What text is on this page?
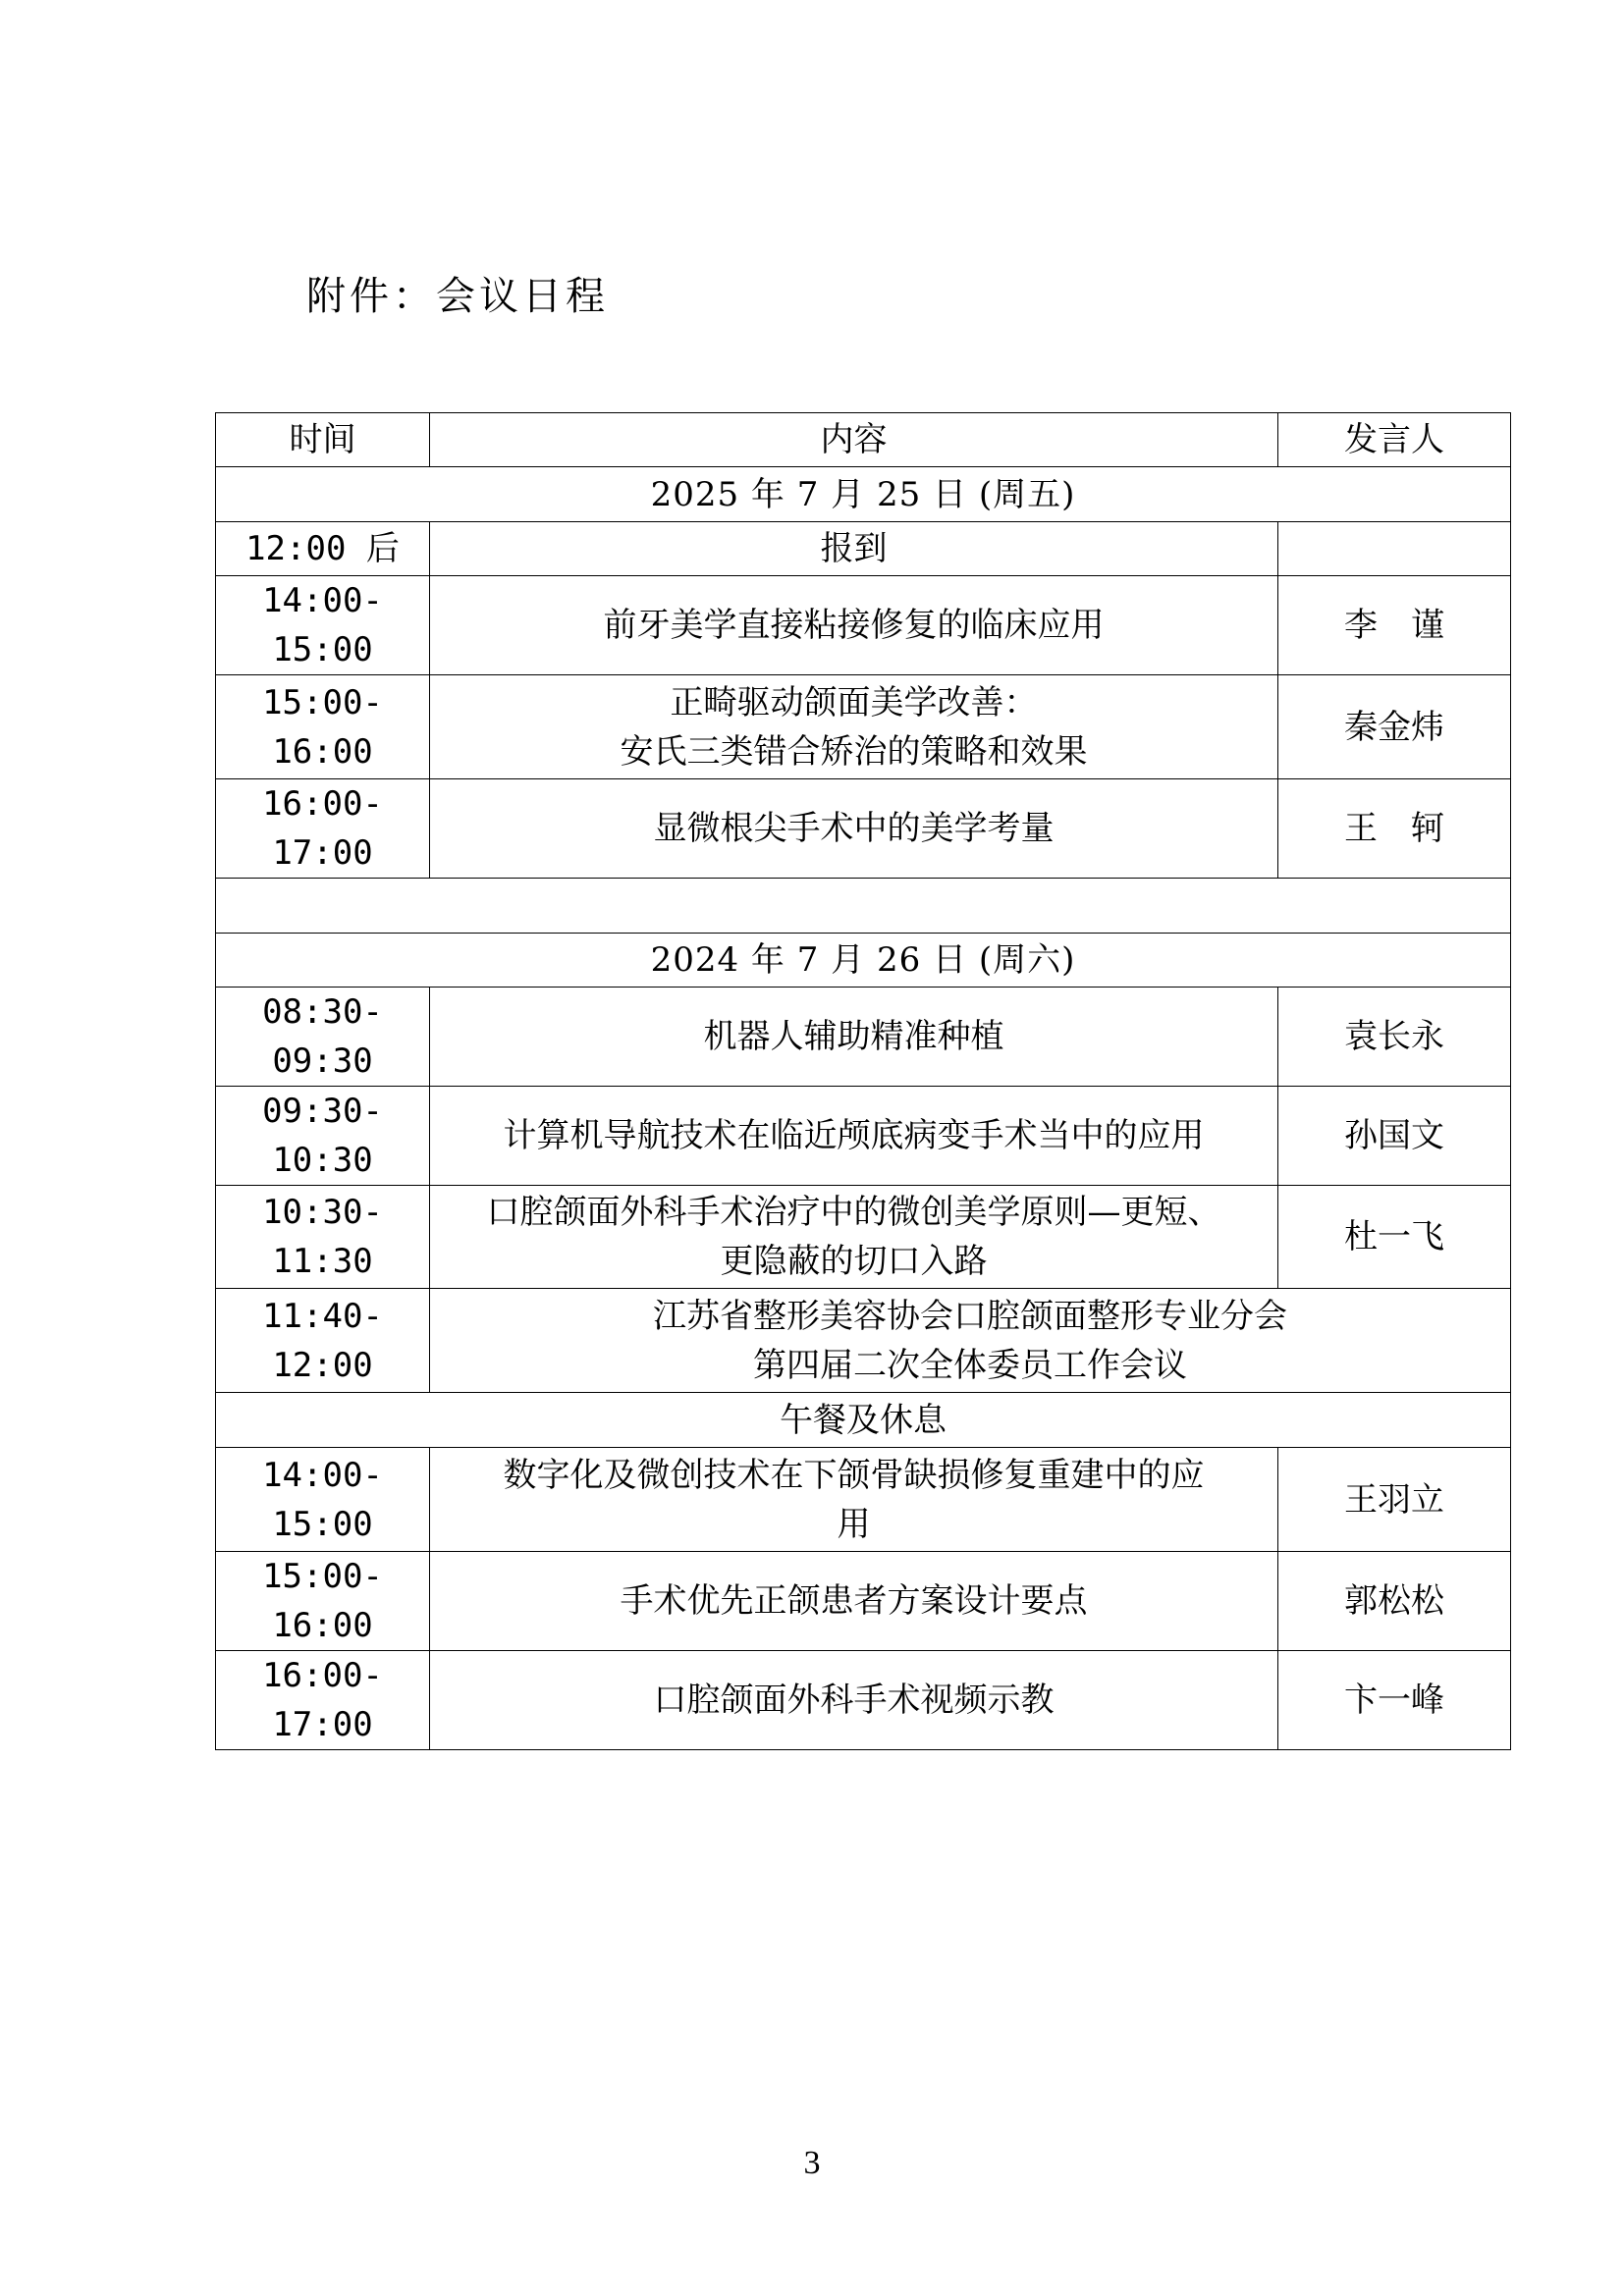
附件：会议日程
时间	内容	发言人
2025 年 7 月 25 日 (周五)		
12:00 后	报到	
14:00-15:00	前牙美学直接粘接修复的临床应用	李　谨
15:00-16:00	正畸驱动颌面美学改善：
安氏三类错合矫治的策略和效果	秦金炜
16:00-17:00	显微根尖手术中的美学考量	王　轲

2024 年 7 月 26 日 (周六)		
08:30-09:30	机器人辅助精准种植	袁长永
09:30-10:30	计算机导航技术在临近颅底病变手术当中的应用	孙国文
10:30-11:30	口腔颌面外科手术治疗中的微创美学原则—更短、
更隐蔽的切口入路	杜一飞
11:40-12:00	江苏省整形美容协会口腔颌面整形专业分会
第四届二次全体委员工作会议	
午餐及休息		
14:00-15:00	数字化及微创技术在下颌骨缺损修复重建中的应
用	王羽立
15:00-16:00	手术优先正颌患者方案设计要点	郭松松
16:00-17:00	口腔颌面外科手术视频示教	卞一峰
3
